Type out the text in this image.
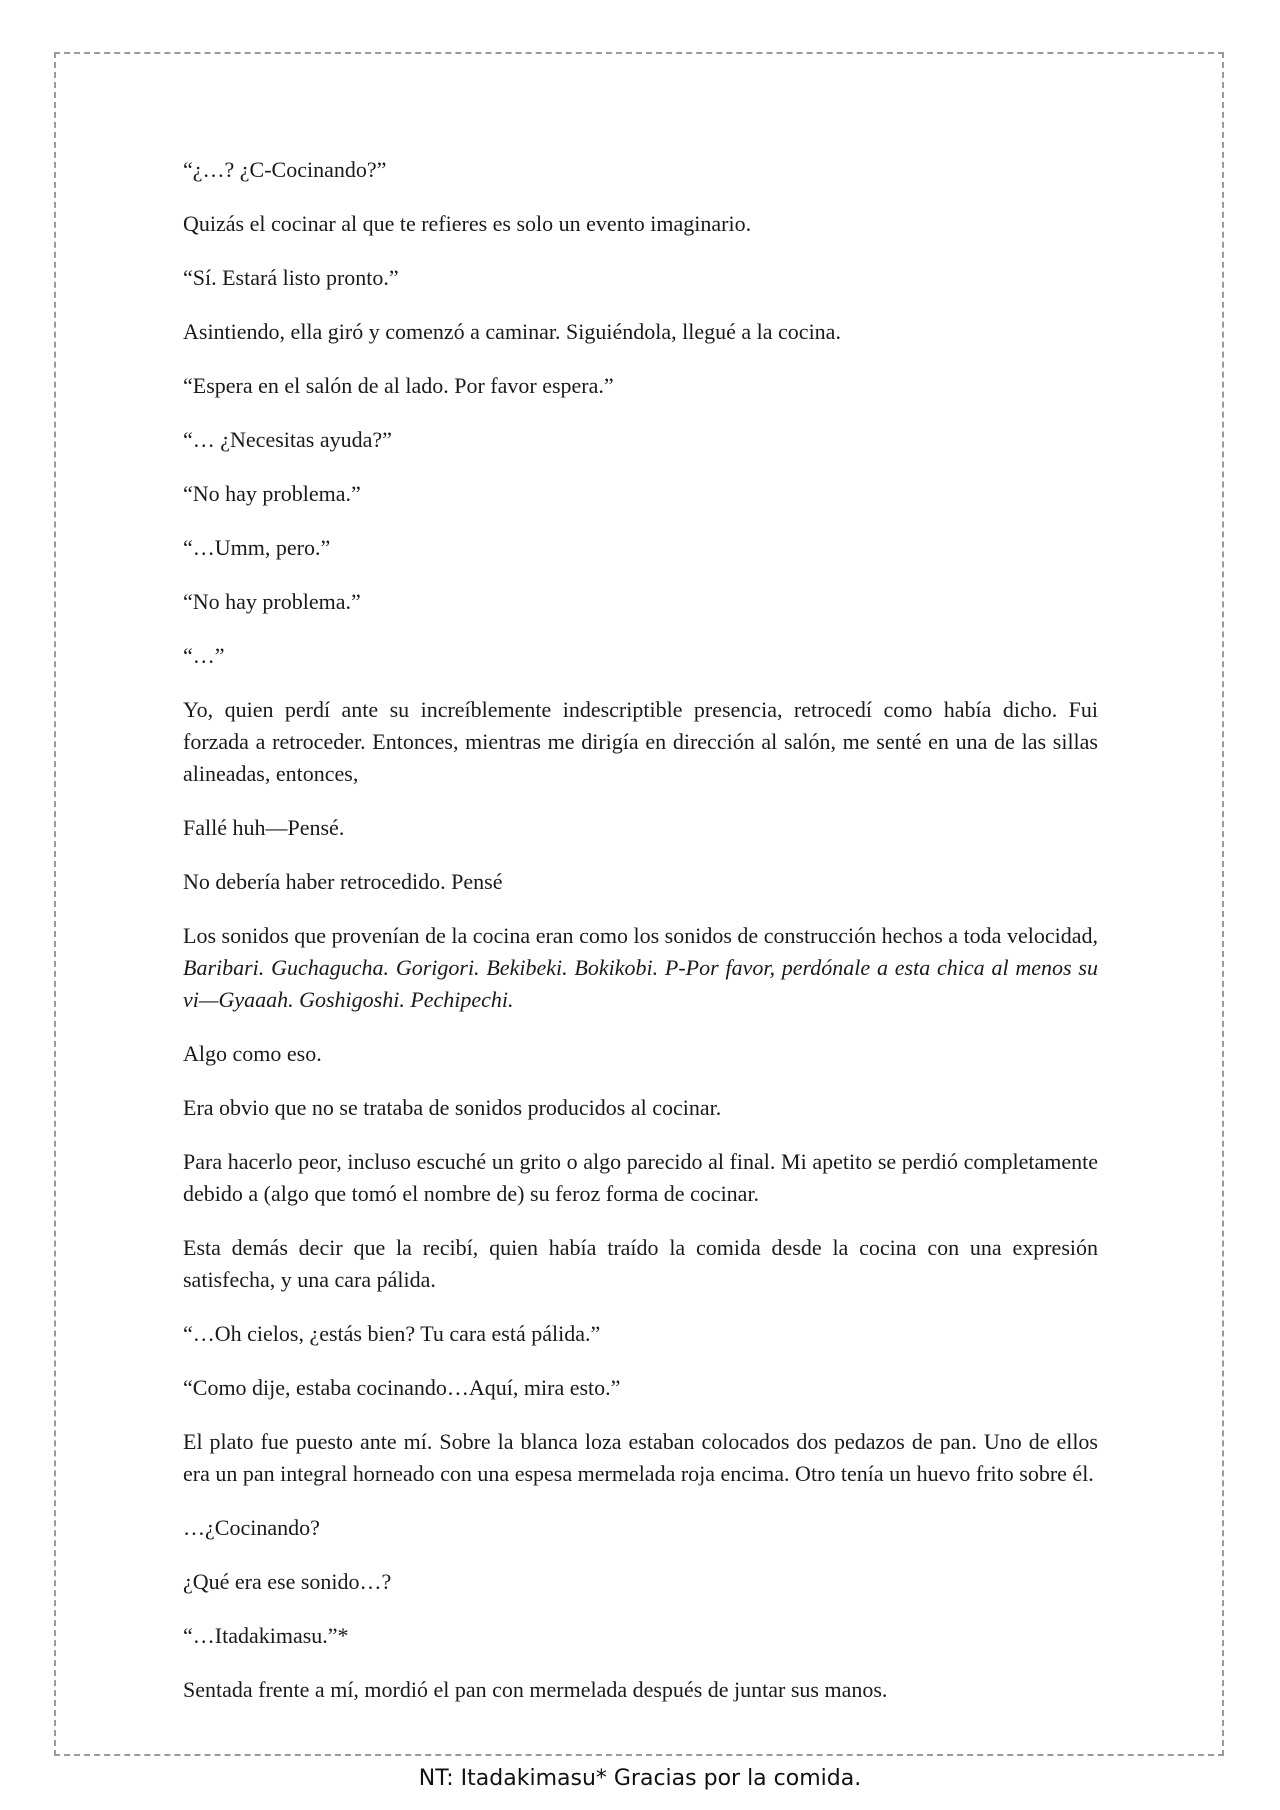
“¿…? ¿C-Cocinando?”

Quizás el cocinar al que te refieres es solo un evento imaginario.

“Sí. Estará listo pronto.”

Asintiendo, ella giró y comenzó a caminar. Siguiéndola, llegué a la cocina.

“Espera en el salón de al lado. Por favor espera.”

“… ¿Necesitas ayuda?”

“No hay problema.”

“…Umm, pero.”

“No hay problema.”

“…”

Yo, quien perdí ante su increíblemente indescriptible presencia, retrocedí como había dicho. Fui forzada a retroceder. Entonces, mientras me dirigía en dirección al salón, me senté en una de las sillas alineadas, entonces,

Fallé huh—Pensé.

No debería haber retrocedido. Pensé

Los sonidos que provenían de la cocina eran como los sonidos de construcción hechos a toda velocidad, Baribari. Guchagucha. Gorigori. Bekibeki. Bokikobi. P-Por favor, perdónale a esta chica al menos su vi—Gyaaah. Goshigoshi. Pechipechi.

Algo como eso.

Era obvio que no se trataba de sonidos producidos al cocinar.

Para hacerlo peor, incluso escuché un grito o algo parecido al final. Mi apetito se perdió completamente debido a (algo que tomó el nombre de) su feroz forma de cocinar.

Esta demás decir que la recibí, quien había traído la comida desde la cocina con una expresión satisfecha, y una cara pálida.

“…Oh cielos, ¿estás bien? Tu cara está pálida.”

“Como dije, estaba cocinando…Aquí, mira esto.”

El plato fue puesto ante mí. Sobre la blanca loza estaban colocados dos pedazos de pan. Uno de ellos era un pan integral horneado con una espesa mermelada roja encima. Otro tenía un huevo frito sobre él.

…¿Cocinando?

¿Qué era ese sonido…?

“…Itadakimasu.”*

Sentada frente a mí, mordió el pan con mermelada después de juntar sus manos.

NT: Itadakimasu* Gracias por la comida.
